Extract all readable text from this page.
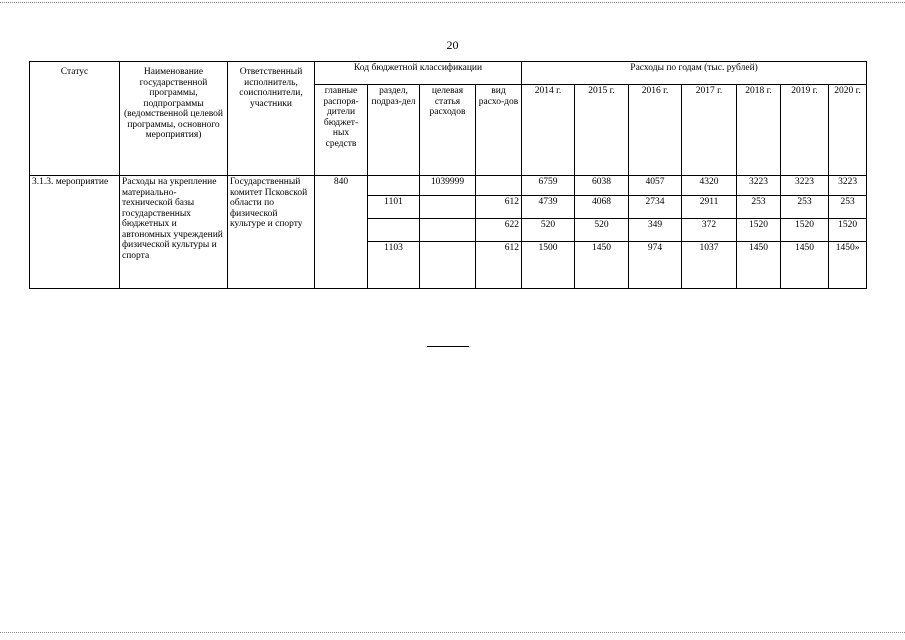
20
Статус	Наименование государственной программы, подпрограммы (ведомственной целевой программы, основного мероприятия)	Ответственный исполнитель, соисполнители, участники	Код бюджетной классификации				Расходы по годам (тыс. рублей)						
			главные распоря-дители бюджет-ных средств	раздел, подраз-дел	целевая статья расходов	вид расхо-дов	2014 г.	2015 г.	2016 г.	2017 г.	2018 г.	2019 г.	2020 г.
3.1.3. мероприятие	Расходы на укрепление материально-технической базы государственных бюджетных и автономных учреждений физической культуры и спорта	Государственный комитет Псковской области по физической культуре и спорту	840		1039999		6759	6038	4057	4320	3223	3223	3223
				1101		612	4739	4068	2734	2911	253	253	253
						622	520	520	349	372	1520	1520	1520
				1103		612	1500	1450	974	1037	1450	1450	1450»
